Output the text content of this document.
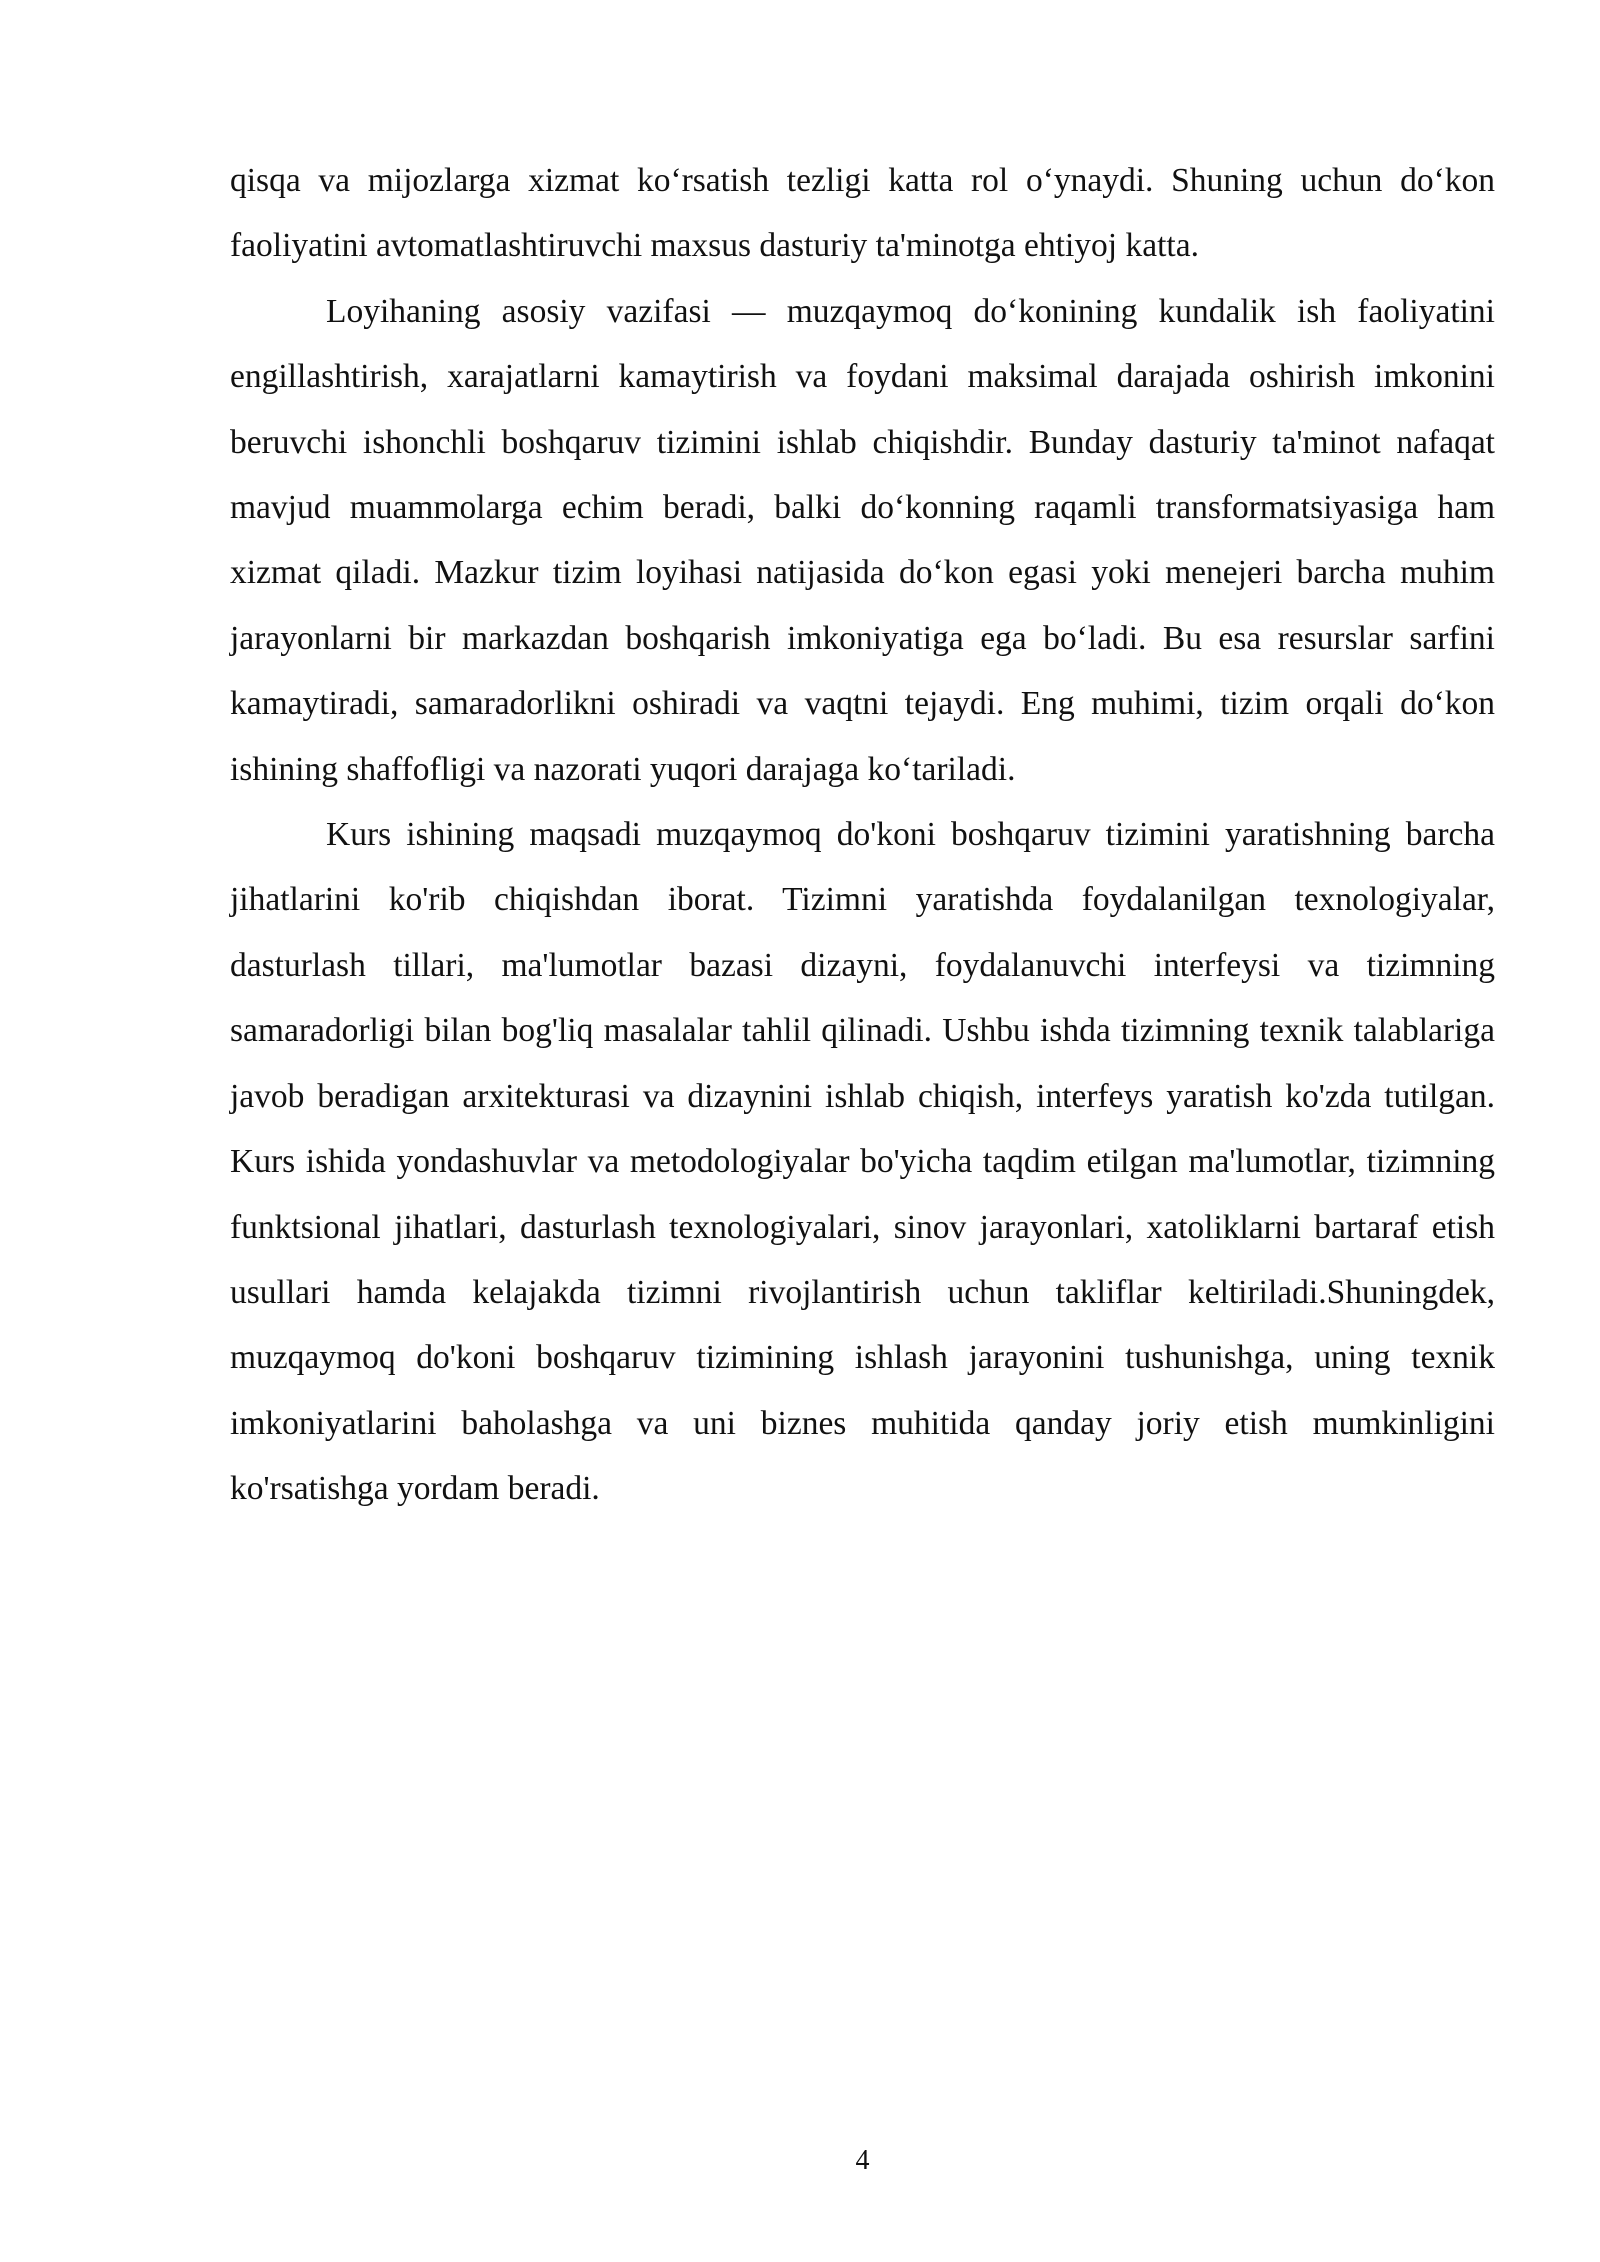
qisqa va mijozlarga xizmat ko‘rsatish tezligi katta rol o‘ynaydi. Shuning uchun do‘kon faoliyatini avtomatlashtiruvchi maxsus dasturiy ta'minotga ehtiyoj katta.

Loyihaning asosiy vazifasi — muzqaymoq do‘konining kundalik ish faoliyatini engillashtirish, xarajatlarni kamaytirish va foydani maksimal darajada oshirish imkonini beruvchi ishonchli boshqaruv tizimini ishlab chiqishdir. Bunday dasturiy ta'minot nafaqat mavjud muammolarga echim beradi, balki do‘konning raqamli transformatsiyasiga ham xizmat qiladi. Mazkur tizim loyihasi natijasida do‘kon egasi yoki menejeri barcha muhim jarayonlarni bir markazdan boshqarish imkoniyatiga ega bo‘ladi. Bu esa resurslar sarfini kamaytiradi, samaradorlikni oshiradi va vaqtni tejaydi. Eng muhimi, tizim orqali do‘kon ishining shaffofligi va nazorati yuqori darajaga ko‘tariladi.

Kurs ishining maqsadi muzqaymoq do'koni boshqaruv tizimini yaratishning barcha jihatlarini ko'rib chiqishdan iborat. Tizimni yaratishda foydalanilgan texnologiyalar, dasturlash tillari, ma'lumotlar bazasi dizayni, foydalanuvchi interfeysi va tizimning samaradorligi bilan bog'liq masalalar tahlil qilinadi. Ushbu ishda tizimning texnik talablariga javob beradigan arxitekturasi va dizaynini ishlab chiqish, interfeys yaratish ko'zda tutilgan. Kurs ishida yondashuvlar va metodologiyalar bo'yicha taqdim etilgan ma'lumotlar, tizimning funktsional jihatlari, dasturlash texnologiyalari, sinov jarayonlari, xatoliklarni bartaraf etish usullari hamda kelajakda tizimni rivojlantirish uchun takliflar keltiriladi.Shuningdek, muzqaymoq do'koni boshqaruv tizimining ishlash jarayonini tushunishga, uning texnik imkoniyatlarini baholashga va uni biznes muhitida qanday joriy etish mumkinligini ko'rsatishga yordam beradi.

4
